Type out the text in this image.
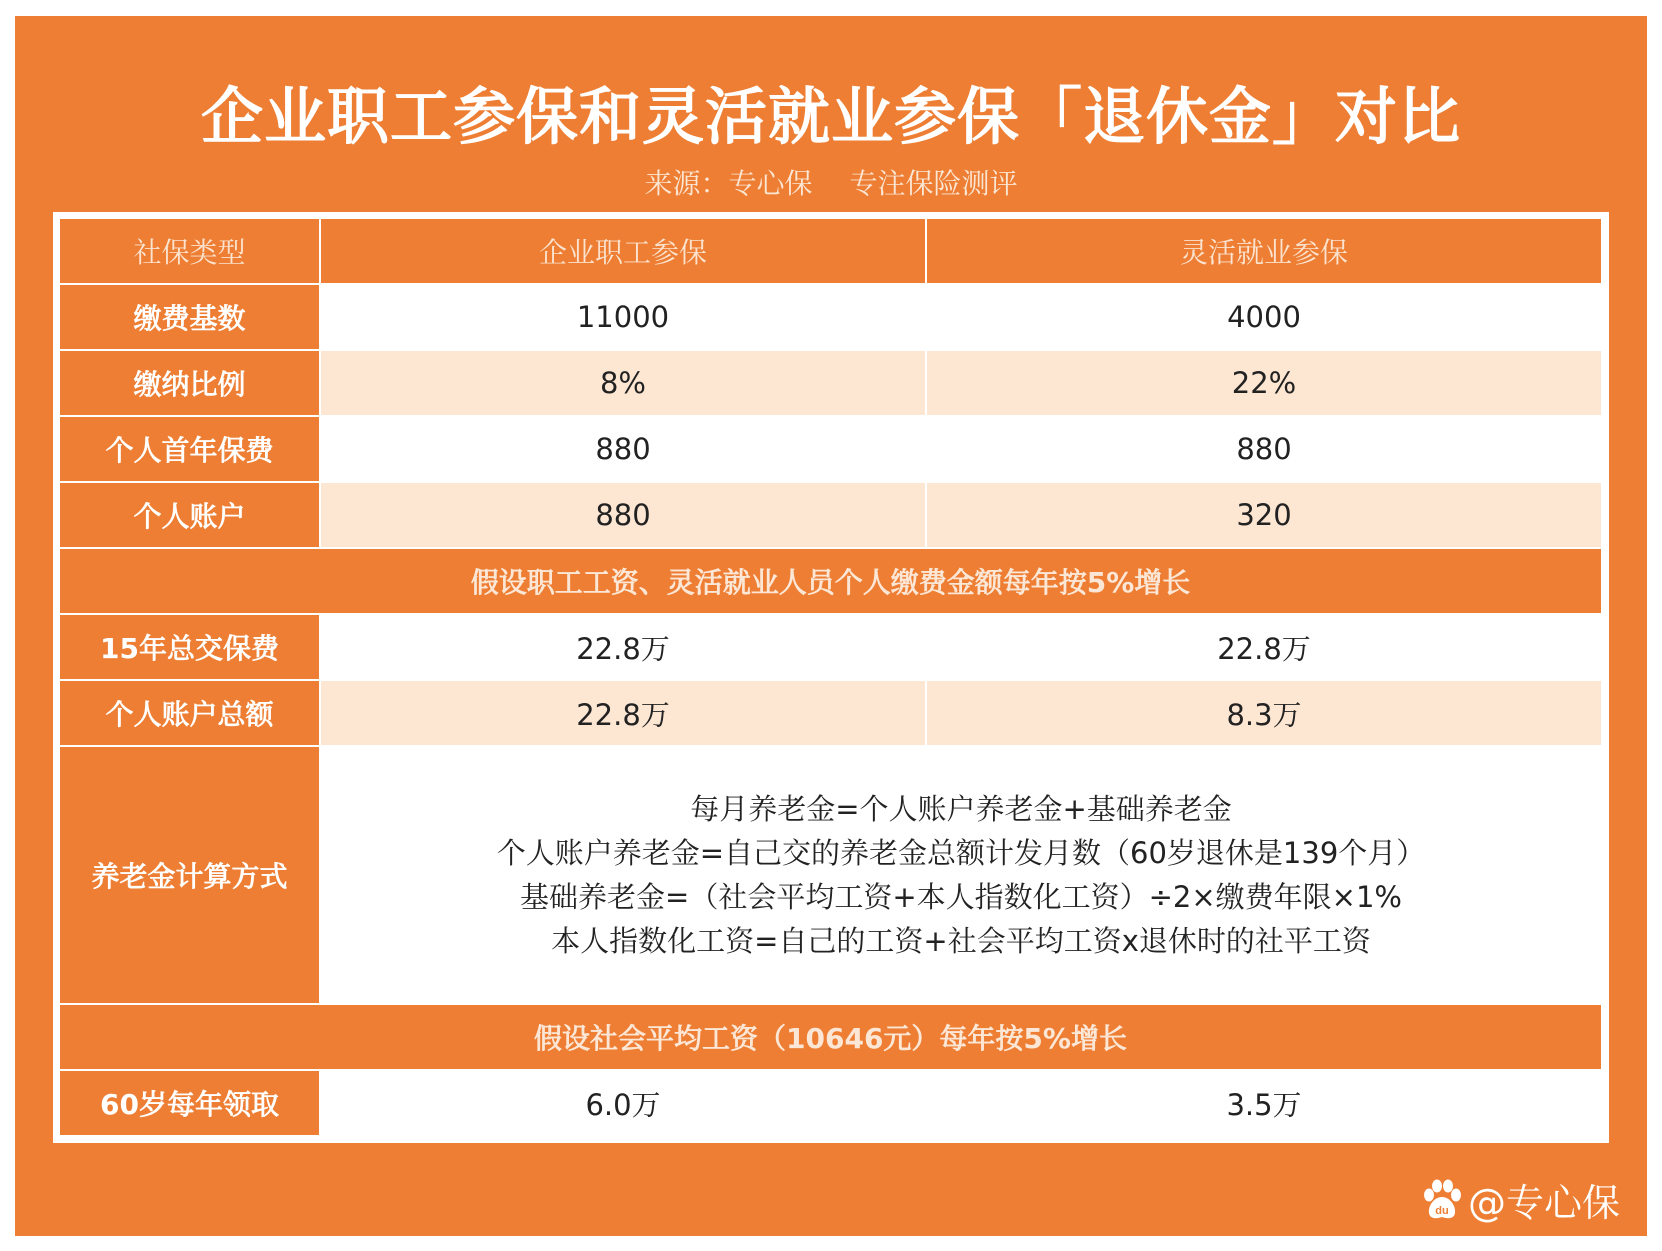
企业职工参保和灵活就业参保「退休金」对比
来源：专心保 专注保险测评
社保类型	企业职工参保	灵活就业参保
缴费基数	11000	4000
缴纳比例	8%	22%
个人首年保费	880	880
个人账户	880	320
假设职工工资、灵活就业人员个人缴费金额每年按5%增长		
15年总交保费	22.8万	22.8万
个人账户总额	22.8万	8.3万
养老金计算方式	每月养老金=个人账户养老金+基础养老金
个人账户养老金=自己交的养老金总额计发月数（60岁退休是139个月）
基础养老金=（社会平均工资+本人指数化工资）÷2×缴费年限×1%
本人指数化工资=自己的工资+社会平均工资x退休时的社平工资	

假设社会平均工资（10646元）每年按5%增长		
60岁每年领取	6.0万	3.5万
du @专心保
